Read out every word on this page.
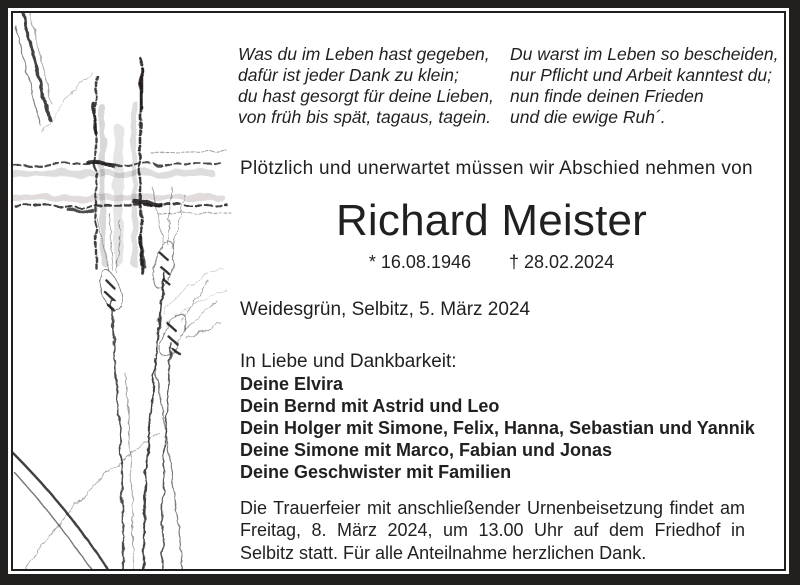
Was du im Leben hast gegeben,
dafür ist jeder Dank zu klein;
du hast gesorgt für deine Lieben,
von früh bis spät, tagaus, tagein.
Du warst im Leben so bescheiden,
nur Pflicht und Arbeit kanntest du;
nun finde deinen Frieden
und die ewige Ruh´.
Plötzlich und unerwartet müssen wir Abschied nehmen von
Richard Meister
* 16.08.1946 † 28.02.2024
Weidesgrün, Selbitz, 5. März 2024
In Liebe und Dankbarkeit:
Deine Elvira
Dein Bernd mit Astrid und Leo
Dein Holger mit Simone, Felix, Hanna, Sebastian und Yannik
Deine Simone mit Marco, Fabian und Jonas
Deine Geschwister mit Familien

Die Trauerfeier mit anschließender Urnenbeisetzung findet am Freitag, 8. März 2024, um 13.00 Uhr auf dem Friedhof in Selbitz statt. Für alle Anteilnahme herzlichen Dank.
